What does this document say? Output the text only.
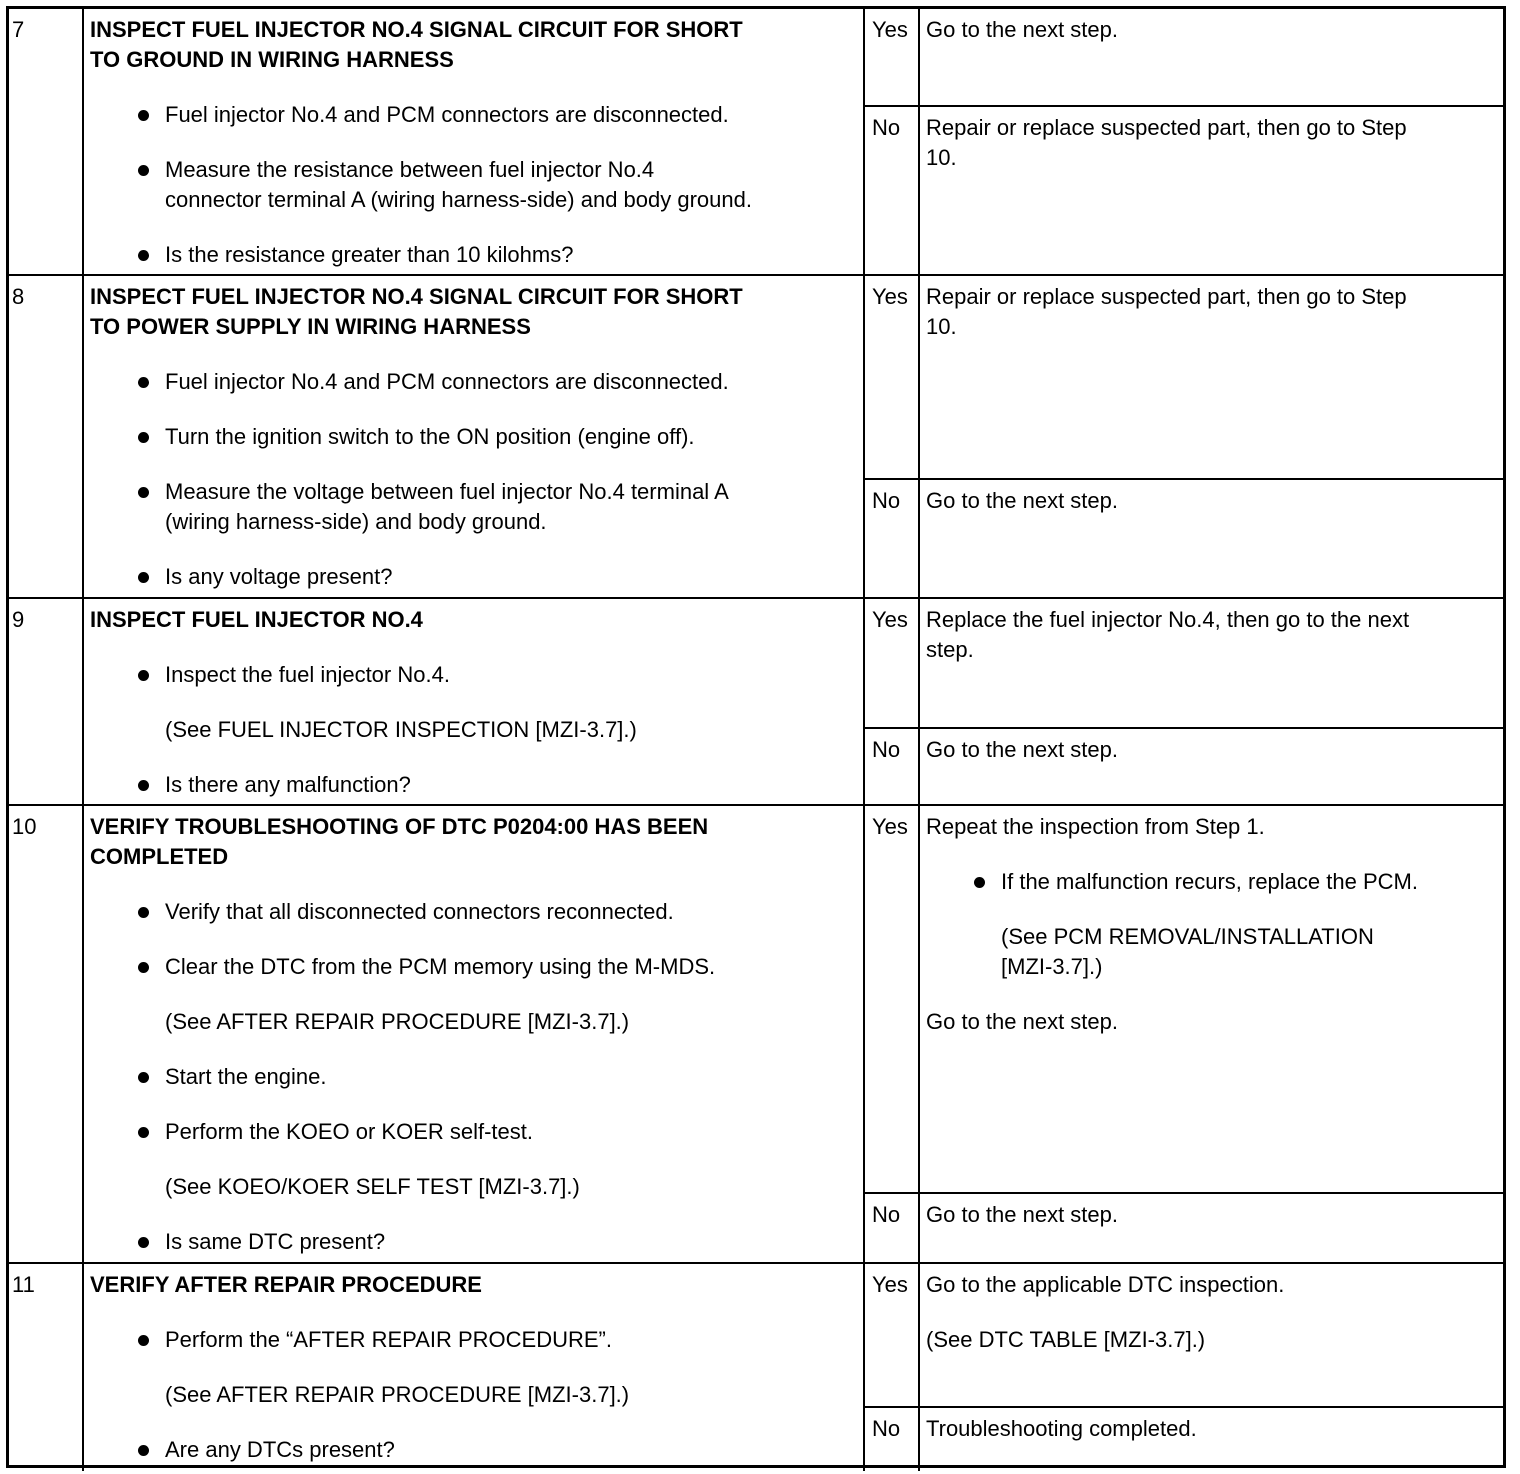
7	INSPECT FUEL INJECTOR NO.4 SIGNAL CIRCUIT FOR SHORT
TO GROUND IN WIRING HARNESS
Fuel injector No.4 and PCM connectors are disconnected.
Measure the resistance between fuel injector No.4
connector terminal A (wiring harness-side) and body ground.
Is the resistance greater than 10 kilohms?
Yes Go to the next step.
No	Repair or replace suspected part, then go to Step
10.
8	INSPECT FUEL INJECTOR NO.4 SIGNAL CIRCUIT FOR SHORT
TO POWER SUPPLY IN WIRING HARNESS
Fuel injector No.4 and PCM connectors are disconnected.
Turn the ignition switch to the ON position (engine off).
Measure the voltage between fuel injector No.4 terminal A
(wiring harness-side) and body ground.
Is any voltage present?
Yes Repair or replace suspected part, then go to Step
10.
No	Go to the next step.
9	INSPECT FUEL INJECTOR NO.4
Inspect the fuel injector No.4.
(See FUEL INJECTOR INSPECTION [MZI-3.7].)
Is there any malfunction?
Yes Replace the fuel injector No.4, then go to the next
step.
No	Go to the next step.
10	VERIFY TROUBLESHOOTING OF DTC P0204:00 HAS BEEN
COMPLETED
Verify that all disconnected connectors reconnected.
Clear the DTC from the PCM memory using the M-MDS.
(See AFTER REPAIR PROCEDURE [MZI-3.7].)
Start the engine.
Perform the KOEO or KOER self-test.
(See KOEO/KOER SELF TEST [MZI-3.7].)
Is same DTC present?
Yes Repeat the inspection from Step 1.

If the malfunction recurs, replace the PCM.
(See PCM REMOVAL/INSTALLATION
[MZI-3.7].)

Go to the next step.

No	Go to the next step.
11	VERIFY AFTER REPAIR PROCEDURE
Perform the “AFTER REPAIR PROCEDURE”.
(See AFTER REPAIR PROCEDURE [MZI-3.7].)
Are any DTCs present?
Yes Go to the applicable DTC inspection.

(See DTC TABLE [MZI-3.7].)

No	Troubleshooting completed.
